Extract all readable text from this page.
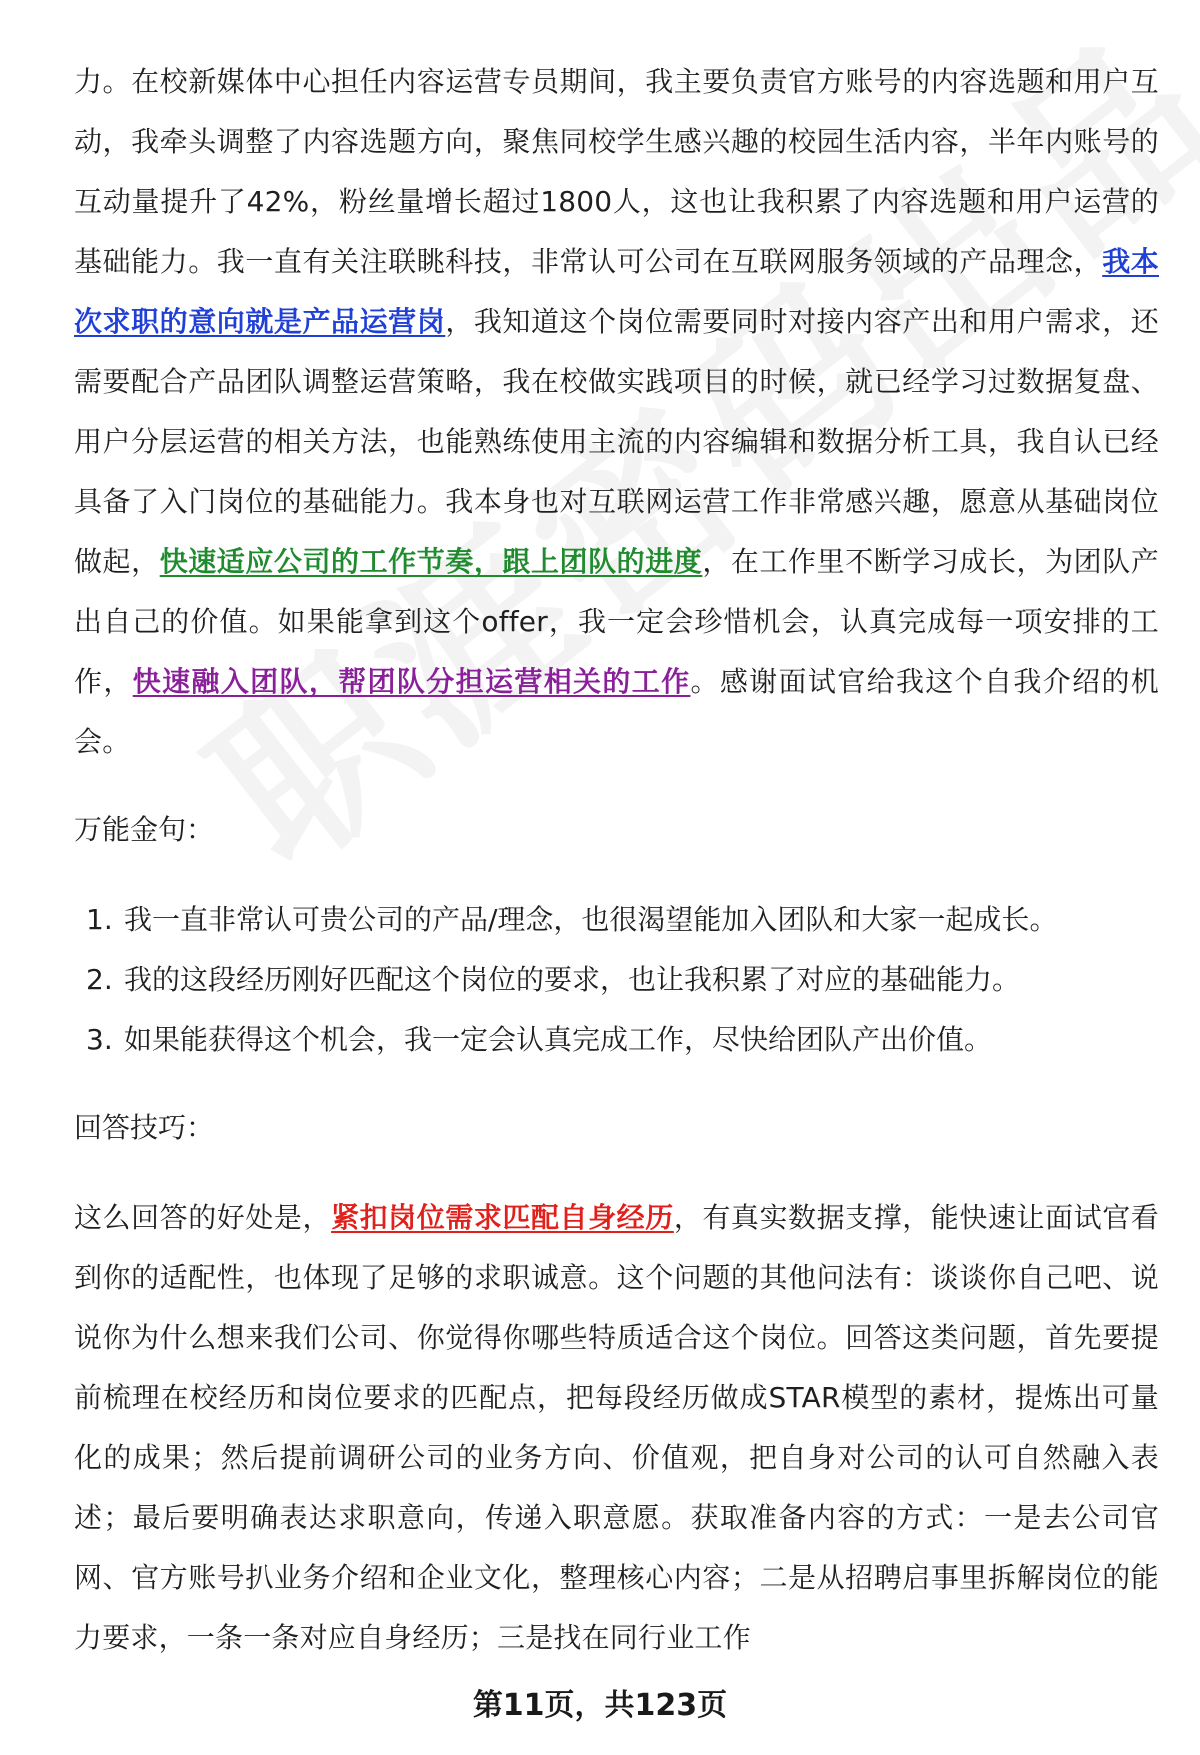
力。在校新媒体中心担任内容运营专员期间，我主要负责官方账号的内容选题和用户互动，我牵头调整了内容选题方向，聚焦同校学生感兴趣的校园生活内容，半年内账号的互动量提升了42%，粉丝量增长超过1800人，这也让我积累了内容选题和用户运营的基础能力。我一直有关注联眺科技，非常认可公司在互联网服务领域的产品理念，我本次求职的意向就是产品运营岗，我知道这个岗位需要同时对接内容产出和用户需求，还需要配合产品团队调整运营策略，我在校做实践项目的时候，就已经学习过数据复盘、用户分层运营的相关方法，也能熟练使用主流的内容编辑和数据分析工具，我自认已经具备了入门岗位的基础能力。我本身也对互联网运营工作非常感兴趣，愿意从基础岗位做起，快速适应公司的工作节奏，跟上团队的进度，在工作里不断学习成长，为团队产出自己的价值。如果能拿到这个offer，我一定会珍惜机会，认真完成每一项安排的工作，快速融入团队，帮团队分担运营相关的工作。感谢面试官给我这个自我介绍的机会。

万能金句：
1. 我一直非常认可贵公司的产品/理念，也很渴望能加入团队和大家一起成长。
2. 我的这段经历刚好匹配这个岗位的要求，也让我积累了对应的基础能力。
3. 如果能获得这个机会，我一定会认真完成工作，尽快给团队产出价值。
回答技巧：

这么回答的好处是，紧扣岗位需求匹配自身经历，有真实数据支撑，能快速让面试官看到你的适配性，也体现了足够的求职诚意。这个问题的其他问法有：谈谈你自己吧、说说你为什么想来我们公司、你觉得你哪些特质适合这个岗位。回答这类问题，首先要提前梳理在校经历和岗位要求的匹配点，把每段经历做成STAR模型的素材，提炼出可量化的成果；然后提前调研公司的业务方向、价值观，把自身对公司的认可自然融入表述；最后要明确表达求职意向，传递入职意愿。获取准备内容的方式：一是去公司官网、官方账号扒业务介绍和企业文化，整理核心内容；二是从招聘启事里拆解岗位的能力要求，一条一条对应自身经历；三是找在同行业工作

第11页，共123页
